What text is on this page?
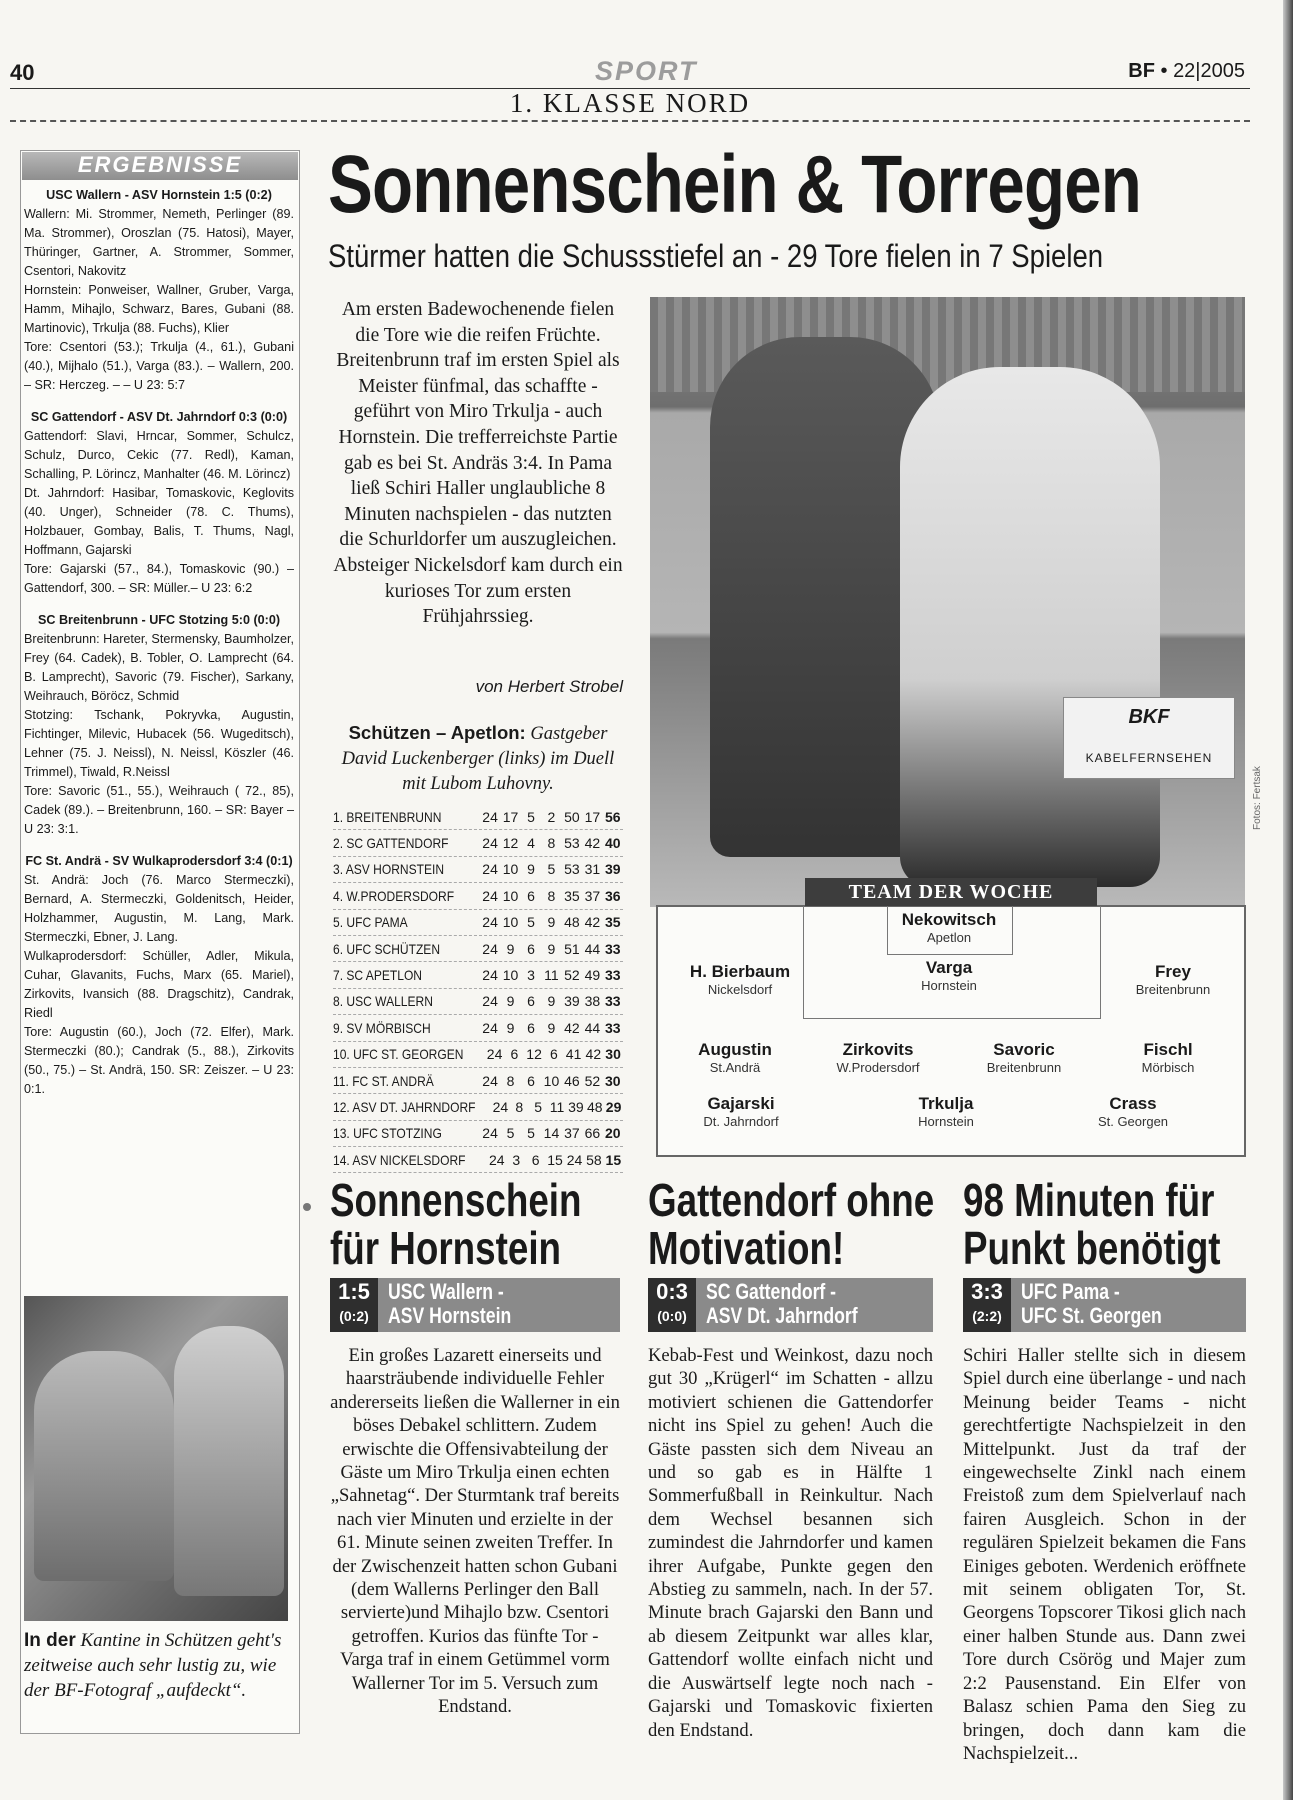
40	SPORT	BF • 22|2005
1. KLASSE NORD
ERGEBNISSE
USC Wallern - ASV Hornstein 1:5 (0:2)
Wallern: Mi. Strommer, Nemeth, Perlinger (89. Ma. Strommer), Oroszlan (75. Hatosi), Mayer, Thüringer, Gartner, A. Strommer, Sommer, Csentori, Nakovitz
Hornstein: Ponweiser, Wallner, Gruber, Varga, Hamm, Mihajlo, Schwarz, Bares, Gubani (88. Martinovic), Trkulja (88. Fuchs), Klier
Tore: Csentori (53.); Trkulja (4., 61.), Gubani (40.), Mijhalo (51.), Varga (83.). – Wallern, 200. – SR: Herczeg. – – U 23: 5:7
SC Gattendorf - ASV Dt. Jahrndorf 0:3 (0:0)
Gattendorf: Slavi, Hrncar, Sommer, Schulcz, Schulz, Durco, Cekic (77. Redl), Kaman, Schalling, P. Lörincz, Manhalter (46. M. Lörincz)
Dt. Jahrndorf: Hasibar, Tomaskovic, Keglovits (40. Unger), Schneider (78. C. Thums), Holzbauer, Gombay, Balis, T. Thums, Nagl, Hoffmann, Gajarski
Tore: Gajarski (57., 84.), Tomaskovic (90.) – Gattendorf, 300. – SR: Müller.– U 23: 6:2
SC Breitenbrunn - UFC Stotzing 5:0 (0:0)
Breitenbrunn: Hareter, Stermensky, Baumholzer, Frey (64. Cadek), B. Tobler, O. Lamprecht (64. B. Lamprecht), Savoric (79. Fischer), Sarkany, Weihrauch, Böröcz, Schmid
Stotzing: Tschank, Pokryvka, Augustin, Fichtinger, Milevic, Hubacek (56. Wugeditsch), Lehner (75. J. Neissl), N. Neissl, Köszler (46. Trimmel), Tiwald, R.Neissl
Tore: Savoric (51., 55.), Weihrauch ( 72., 85), Cadek (89.). – Breitenbrunn, 160. – SR: Bayer – U 23: 3:1.
FC St. Andrä - SV Wulkaprodersdorf 3:4 (0:1)
St. Andrä: Joch (76. Marco Stermeczki), Bernard, A. Stermeczki, Goldenitsch, Heider, Holzhammer, Augustin, M. Lang, Mark. Stermeczki, Ebner, J. Lang.
Wulkaprodersdorf: Schüller, Adler, Mikula, Cuhar, Glavanits, Fuchs, Marx (65. Mariel), Zirkovits, Ivansich (88. Dragschitz), Candrak, Riedl
Tore: Augustin (60.), Joch (72. Elfer), Mark. Stermeczki (80.); Candrak (5., 88.), Zirkovits (50., 75.) – St. Andrä, 150. SR: Zeiszer. – U 23: 0:1.
In der Kantine in Schützen geht's zeitweise auch sehr lustig zu, wie der BF-Fotograf „aufdeckt“.
Sonnenschein & Torregen
Stürmer hatten die Schussstiefel an - 29 Tore fielen in 7 Spielen
Am ersten Badewochenende fielen die Tore wie die reifen Früchte. Breitenbrunn traf im ersten Spiel als Meister fünfmal, das schaffte - geführt von Miro Trkulja - auch Hornstein. Die trefferreichste Partie gab es bei St. Andräs 3:4. In Pama ließ Schiri Haller unglaubliche 8 Minuten nachspielen - das nutzten die Schurldorfer um auszugleichen. Absteiger Nickelsdorf kam durch ein kurioses Tor zum ersten Frühjahrssieg.
von Herbert Strobel
Schützen – Apetlon: Gastgeber David Luckenberger (links) im Duell mit Lubom Luhovny.
1. BREITENBRUNN	24 17 5 2 50 17 56
2. SC GATTENDORF	24 12 4 8 53 42 40
3. ASV HORNSTEIN	24 10 9 5 53 31 39
4. W.PRODERSDORF	24 10 6 8 35 37 36
5. UFC PAMA	24 10 5 9 48 42 35
6. UFC SCHÜTZEN	24 9 6 9 51 44 33
7. SC APETLON	24 10 3 11 52 49 33
8. USC WALLERN	24 9 6 9 39 38 33
9. SV MÖRBISCH	24 9 6 9 42 44 33
10. UFC ST. GEORGEN 24 6 12 6 41 42 30
11. FC ST. ANDRÄ	24 8 6 10 46 52 30
12. ASV DT. JAHRNDORF 24 8 5 11 39 48 29
13. UFC STOTZING	24 5 5 14 37 66 20
14. ASV NICKELSDORF 24 3 6 15 24 58 15
BKF
KABELFERNSEHEN
Fotos: Fertsak
TEAM DER WOCHE
Nekowitsch
Apetlon
H. Bierbaum
Nickelsdorf
Varga
Hornstein
Frey
Breitenbrunn
Augustin
St.Andrä
Zirkovits
W.Prodersdorf
Savoric
Breitenbrunn
Fischl
Mörbisch
Gajarski
Dt. Jahrndorf
Trkulja
Hornstein
Crass
St. Georgen
Sonnenschein
für Hornstein
1:5
(0:2)
USC Wallern -
ASV Hornstein
Ein großes Lazarett einerseits und haarsträubende individuelle Fehler andererseits ließen die Wallerner in ein böses Debakel schlittern. Zudem erwischte die Offensivabteilung der Gäste um Miro Trkulja einen echten „Sahnetag“. Der Sturmtank traf bereits nach vier Minuten und erzielte in der 61. Minute seinen zweiten Treffer. In der Zwischenzeit hatten schon Gubani (dem Wallerns Perlinger den Ball servierte)und Mihajlo bzw. Csentori getroffen. Kurios das fünfte Tor - Varga traf in einem Getümmel vorm Wallerner Tor im 5. Versuch zum Endstand.
Gattendorf ohne
Motivation!
0:3
(0:0)
SC Gattendorf -
ASV Dt. Jahrndorf
Kebab-Fest und Weinkost, dazu noch gut 30 „Krügerl“ im Schatten - allzu motiviert schienen die Gattendorfer nicht ins Spiel zu gehen! Auch die Gäste passten sich dem Niveau an und so gab es in Hälfte 1 Sommerfußball in Reinkultur. Nach dem Wechsel besannen sich zumindest die Jahrndorfer und kamen ihrer Aufgabe, Punkte gegen den Abstieg zu sammeln, nach. In der 57. Minute brach Gajarski den Bann und ab diesem Zeitpunkt war alles klar, Gattendorf wollte einfach nicht und die Auswärtself legte noch nach - Gajarski und Tomaskovic fixierten den Endstand.
98 Minuten für
Punkt benötigt
3:3
(2:2)
UFC Pama -
UFC St. Georgen
Schiri Haller stellte sich in diesem Spiel durch eine überlange - und nach Meinung beider Teams - nicht gerechtfertigte Nachspielzeit in den Mittelpunkt. Just da traf der eingewechselte Zinkl nach einem Freistoß zum dem Spielverlauf nach fairen Ausgleich. Schon in der regulären Spielzeit bekamen die Fans Einiges geboten. Werdenich eröffnete mit seinem obligaten Tor, St. Georgens Topscorer Tikosi glich nach einer halben Stunde aus. Dann zwei Tore durch Csörög und Majer zum 2:2 Pausenstand. Ein Elfer von Balasz schien Pama den Sieg zu bringen, doch dann kam die Nachspielzeit...
